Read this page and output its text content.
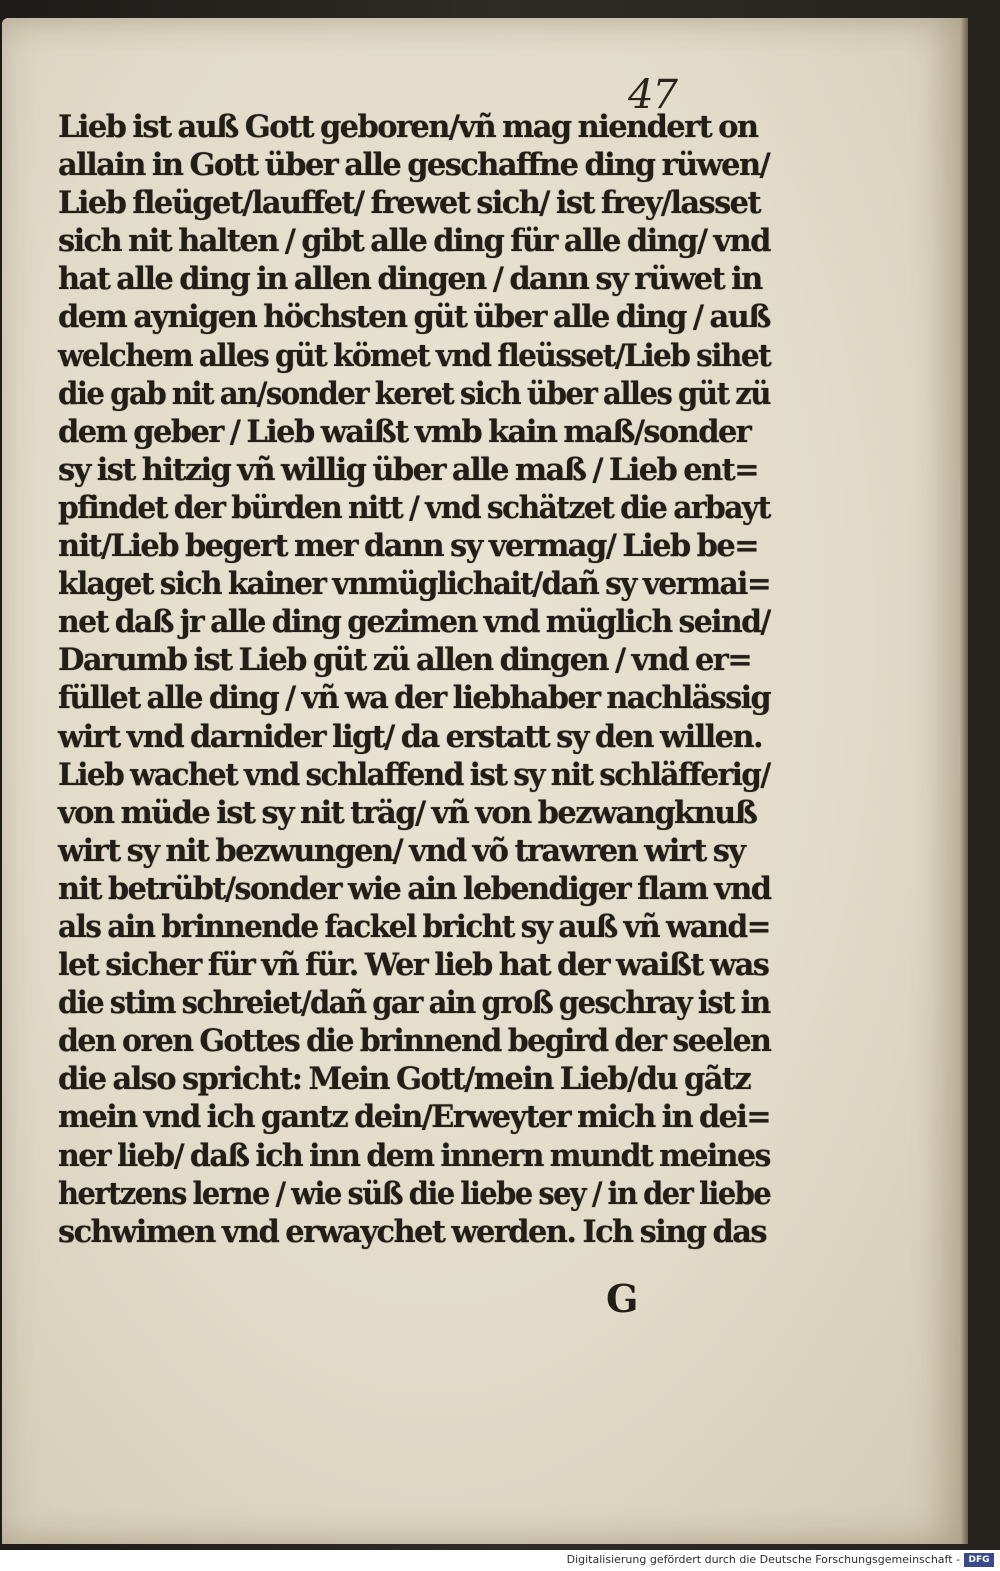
47
Lieb ist auß Gott geboren/vñ mag niendert on
allain in Gott über alle geschaffne ding rüwen/
Lieb fleüget/lauffet/ frewet sich/ ist frey/lasset
sich nit halten / gibt alle ding für alle ding/ vnd
hat alle ding in allen dingen / dann sy rüwet in
dem aynigen höchsten güt über alle ding / auß
welchem alles güt kömet vnd fleüsset/Lieb sihet
die gab nit an/sonder keret sich über alles güt zü
dem geber / Lieb waißt vmb kain maß/sonder
sy ist hitzig vñ willig über alle maß / Lieb ent=
pfindet der bürden nitt / vnd schätzet die arbayt
nit/Lieb begert mer dann sy vermag/ Lieb be=
klaget sich kainer vnmüglichait/dañ sy vermai=
net daß jr alle ding gezimen vnd müglich seind/
Darumb ist Lieb güt zü allen dingen / vnd er=
füllet alle ding / vñ wa der liebhaber nachlässig
wirt vnd darnider ligt/ da erstatt sy den willen.
Lieb wachet vnd schlaffend ist sy nit schläfferig/
von müde ist sy nit träg/ vñ von bezwangknuß
wirt sy nit bezwungen/ vnd võ trawren wirt sy
nit betrübt/sonder wie ain lebendiger flam vnd
als ain brinnende fackel bricht sy auß vñ wand=
let sicher für vñ für. Wer lieb hat der waißt was
die stim schreiet/dañ gar ain groß geschray ist in
den oren Gottes die brinnend begird der seelen
die also spricht: Mein Gott/mein Lieb/du gãtz
mein vnd ich gantz dein/Erweyter mich in dei=
ner lieb/ daß ich inn dem innern mundt meines
hertzens lerne / wie süß die liebe sey / in der liebe
schwimen vnd erwaychet werden. Ich sing das
G
Digitalisierung gefördert durch die Deutsche Forschungsgemeinschaft - DFG
